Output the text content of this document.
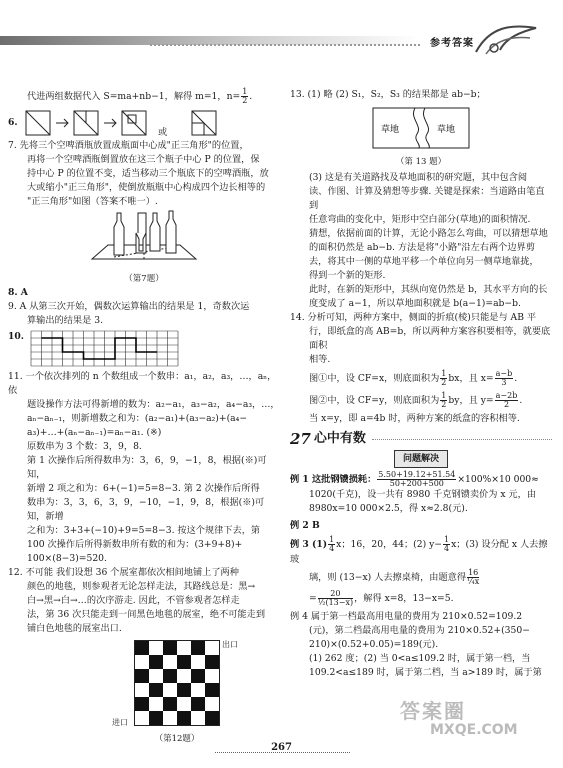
参考答案

代进两组数据代入 S=ma+nb−1，解得 m=1，$n= \frac{1}{2}$ .

6.
或

7. 先将三个空啤酒瓶放置成瓶面中心成"正三角形"的位置，

再将一个空啤酒瓶倒置放在这三个瓶子中心 P 的位置，保

持中心 P 的位置不变，适当移动三个瓶底下的空啤酒瓶，放

大或缩小"正三角形"，使倒放瓶瓶中心构成四个边长相等的

"正三角形"如图（答案不唯一）.

（第7题）

8. A

9. A 从第三次开始，偶数次运算输出的结果是 1，奇数次运

算输出的结果是 3.

10.

11. 一个依次排列的 n 个数组成一个数串：a₁，a₂，a₃，…，aₙ，依

题设操作方法可得新增的数为：a₂−a₁，a₃−a₂，a₄−a₃，…，

aₙ−aₙ₋₁，则新增数之和为：(a₂−a₁)+(a₃−a₂)+(a₄−

a₃)+…+(aₙ−aₙ₋₁)=aₙ−a₁. (※)

原数串为 3 个数：3，9，8.

第 1 次操作后所得数串为：3，6，9，−1，8，根据(※)可知，

新增 2 项之和为：6+(−1)=5=8−3. 第 2 次操作后所得

数串为：3，3，6，3，9，−10，−1，9，8，根据(※)可知，新增

之和为：3+3+(−10)+9=5=8−3. 按这个规律下去，第

100 次操作后所得新数串所有数的和为：(3+9+8)+

100×(8−3)=520.

12. 不可能 我们设想 36 个展室都依次相间地铺上了两种

颜色的地毯，则参观者无论怎样走法，其路线总是：黑→

白→黑→白→…的次序游走. 因此，不管参观者怎样走

法，第 36 次只能走到一间黑色地毯的展室，绝不可能走到

铺白色地毯的展室出口.

出口
进口
（第12题）

13. (1) 略 (2) S₁，S₂，S₃ 的结果都是 ab−b；

草地	草地
（第 13 题）

(3) 这是有关道路找及草地面积的研究题，其中包含阅

读、作图、计算及猜想等步骤. 关键是探索：当道路由笔直到

任意弯曲的变化中，矩形中空白部分(草地)的面积情况.

猜想，依据前面的计算，无论小路怎么弯曲，可以猜想草地

的面积仍然是 ab−b. 方法是将"小路"沿左右两个边界剪

去，将其中一侧的草地平移一个单位向另一侧草地靠拢，

得到一个新的矩形.

此时，在新的矩形中，其纵向宽仍然是 b，其水平方向的长

度变成了 a−1，所以草地面积就是 b(a−1)=ab−b.

14. 分析可知，两种方案中，侧面的折痕(棱)只能是与 AB 平

行，即纸盒的高 AB=b，所以两种方案容积要相等，就要底面积

相等.

图①中，设 CF=x，则底面积为 $\frac{1}{2}$ bx，且 $x= \frac{a-b}{3}$ .

图②中，设 CF=y，则底面积为 $\frac{1}{2}$ by，且 $y= \frac{a-2b}{2}$ .

当 x=y，即 a=4b 时，两种方案的纸盒的容积相等.

27 心中有数
问题解决

例 1 这批钢镄损耗： $\frac{5.50+19.12+51.54}{50+200+500} \times 100\%\times 10$ 000≈

1020(千克)，设一共有 8980 千克钢镄卖价为 x 元，由

8980x=10 000×2.5，得 x≈2.8(元).

例 2 B

例 3 $(1) \frac{1}{4}$ x；16，20，44；(2) $y- \frac{1}{4}$ x；(3) 设分配 x 人去擦玻

璃，则 (13−x) 人去擦桌椅，由题意得 $\frac{16}{\text{¼x}}$

= $\frac{20}{\text{½(13−x)}}$ ，解得 x=8，13−x=5.

例 4 属于第一档最高用电量的费用为 210×0.52=109.2

(元)，第二档最高用电量的费用为 210×0.52+(350−

210)×(0.52+0.05)=189(元).

(1) 262 度；(2) 当 0<a≤109.2 时，属于第一档，当

109.2<a≤189 时，属于第二档，当 a>189 时，属于第

267
答案圈
MXQE.COM
